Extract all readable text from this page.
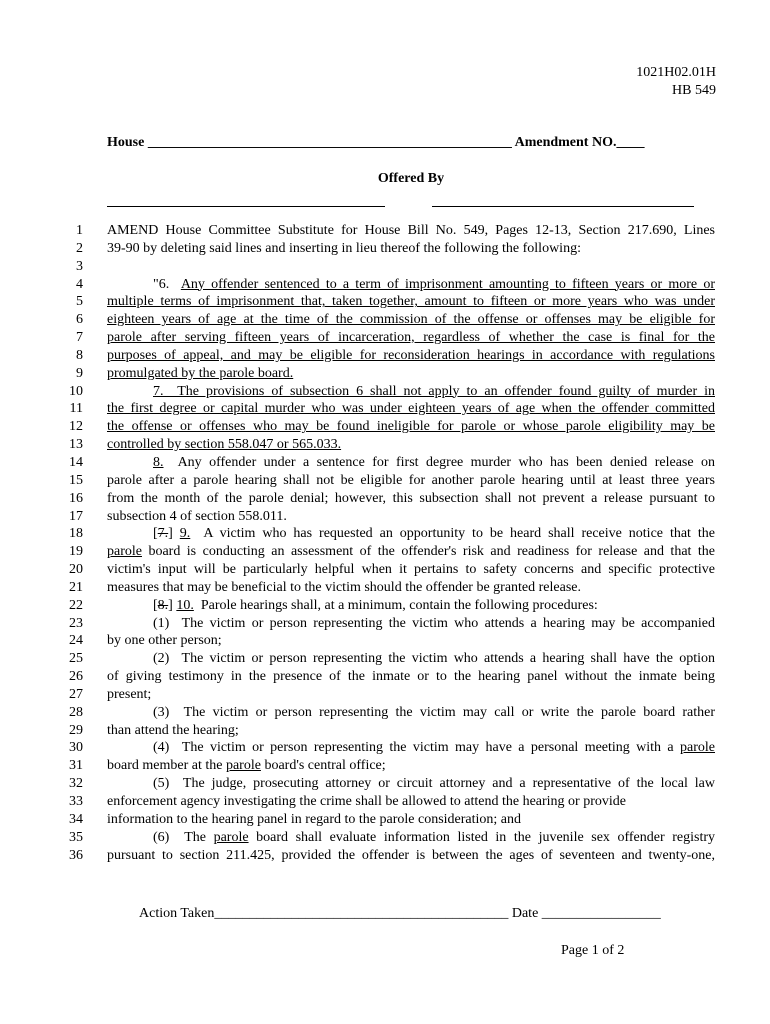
1021H02.01H
HB 549
House ____________________________________________________ Amendment NO.____
Offered By
1 AMEND House Committee Substitute for House Bill No. 549, Pages 12-13, Section 217.690, Lines
2 39-90 by deleting said lines and inserting in lieu thereof the following the following:
3
4	"6.  Any offender sentenced to a term of imprisonment amounting to fifteen years or more or
5 multiple terms of imprisonment that, taken together, amount to fifteen or more years who was under
6 eighteen years of age at the time of the commission of the offense or offenses may be eligible for
7 parole after serving fifteen years of incarceration, regardless of whether the case is final for the
8 purposes of appeal, and may be eligible for reconsideration hearings in accordance with regulations
9 promulgated by the parole board.
10	7.  The provisions of subsection 6 shall not apply to an offender found guilty of murder in
11 the first degree or capital murder who was under eighteen years of age when the offender committed
12 the offense or offenses who may be found ineligible for parole or whose parole eligibility may be
13 controlled by section 558.047 or 565.033.
14	8.  Any offender under a sentence for first degree murder who has been denied release on
15 parole after a parole hearing shall not be eligible for another parole hearing until at least three years
16 from the month of the parole denial; however, this subsection shall not prevent a release pursuant to
17 subsection 4 of section 558.011.
18	[7.] 9.  A victim who has requested an opportunity to be heard shall receive notice that the
19 parole board is conducting an assessment of the offender's risk and readiness for release and that the
20 victim's input will be particularly helpful when it pertains to safety concerns and specific protective
21 measures that may be beneficial to the victim should the offender be granted release.
22	[8.] 10.  Parole hearings shall, at a minimum, contain the following procedures:
23	(1)  The victim or person representing the victim who attends a hearing may be accompanied
24 by one other person;
25	(2)  The victim or person representing the victim who attends a hearing shall have the option
26 of giving testimony in the presence of the inmate or to the hearing panel without the inmate being
27 present;
28	(3)  The victim or person representing the victim may call or write the parole board rather
29 than attend the hearing;
30	(4)  The victim or person representing the victim may have a personal meeting with a parole
31 board member at the parole board's central office;
32	(5)  The judge, prosecuting attorney or circuit attorney and a representative of the local law
33 enforcement agency investigating the crime shall be allowed to attend the hearing or provide
34 information to the hearing panel in regard to the parole consideration; and
35	(6)  The parole board shall evaluate information listed in the juvenile sex offender registry
36 pursuant to section 211.425, provided the offender is between the ages of seventeen and twenty-one,
Action Taken__________________________________________ Date _________________
Page 1 of 2
